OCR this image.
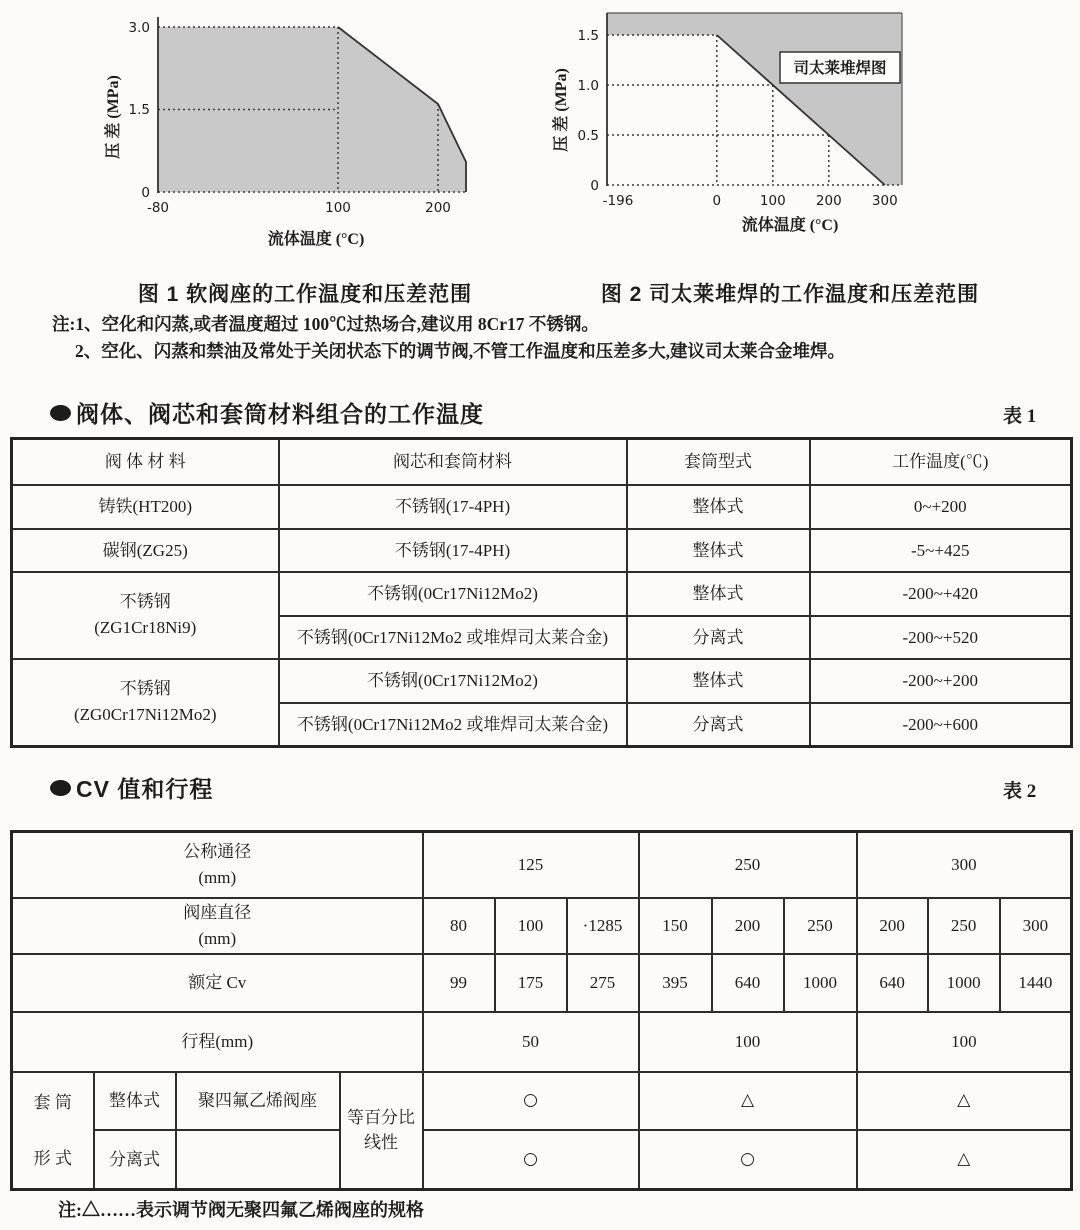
3.0
1.5
0
-80	100	200
压 差 (MPa)
流体温度 (°C)
司太莱堆焊图
1.5
1.0
0.5
0
-196	0	100 200 300
压 差 (MPa)
流体温度 (°C)
图 1 软阀座的工作温度和压差范围	图 2 司太莱堆焊的工作温度和压差范围
注:1、空化和闪蒸,或者温度超过 100℃过热场合,建议用 8Cr17 不锈钢。
2、空化、闪蒸和禁油及常处于关闭状态下的调节阀,不管工作温度和压差多大,建议司太莱合金堆焊。
阀体、阀芯和套筒材料组合的工作温度	表 1
阀 体 材 料	阀芯和套筒材料	套筒型式	工作温度(℃)
铸铁(HT200)	不锈钢(17-4PH)	整体式	0~+200
碳钢(ZG25)	不锈钢(17-4PH)	整体式	-5~+425

不锈钢
(ZG1Cr18Ni9)	不锈钢(0Cr17Ni12Mo2)	整体式	-200~+420
	不锈钢(0Cr17Ni12Mo2 或堆焊司太莱合金)	分离式	-200~+520

不锈钢
(ZG0Cr17Ni12Mo2)	不锈钢(0Cr17Ni12Mo2)	整体式	-200~+200
	不锈钢(0Cr17Ni12Mo2 或堆焊司太莱合金)	分离式	-200~+600
CV 值和行程	表 2
公称通径
(mm)				125			250			300		

阀座直径
(mm)				80	100	·1285	150	200	250	200	250	300
额定 Cv				99	175	275	395	640	1000	640	1000	1440
行程(mm)				50			100			100		

套 筒
形 式	整体式	聚四氟乙烯阀座	等百分比线性	○			△			△		
	分离式			○			○			△		
注:△……表示调节阀无聚四氟乙烯阀座的规格
